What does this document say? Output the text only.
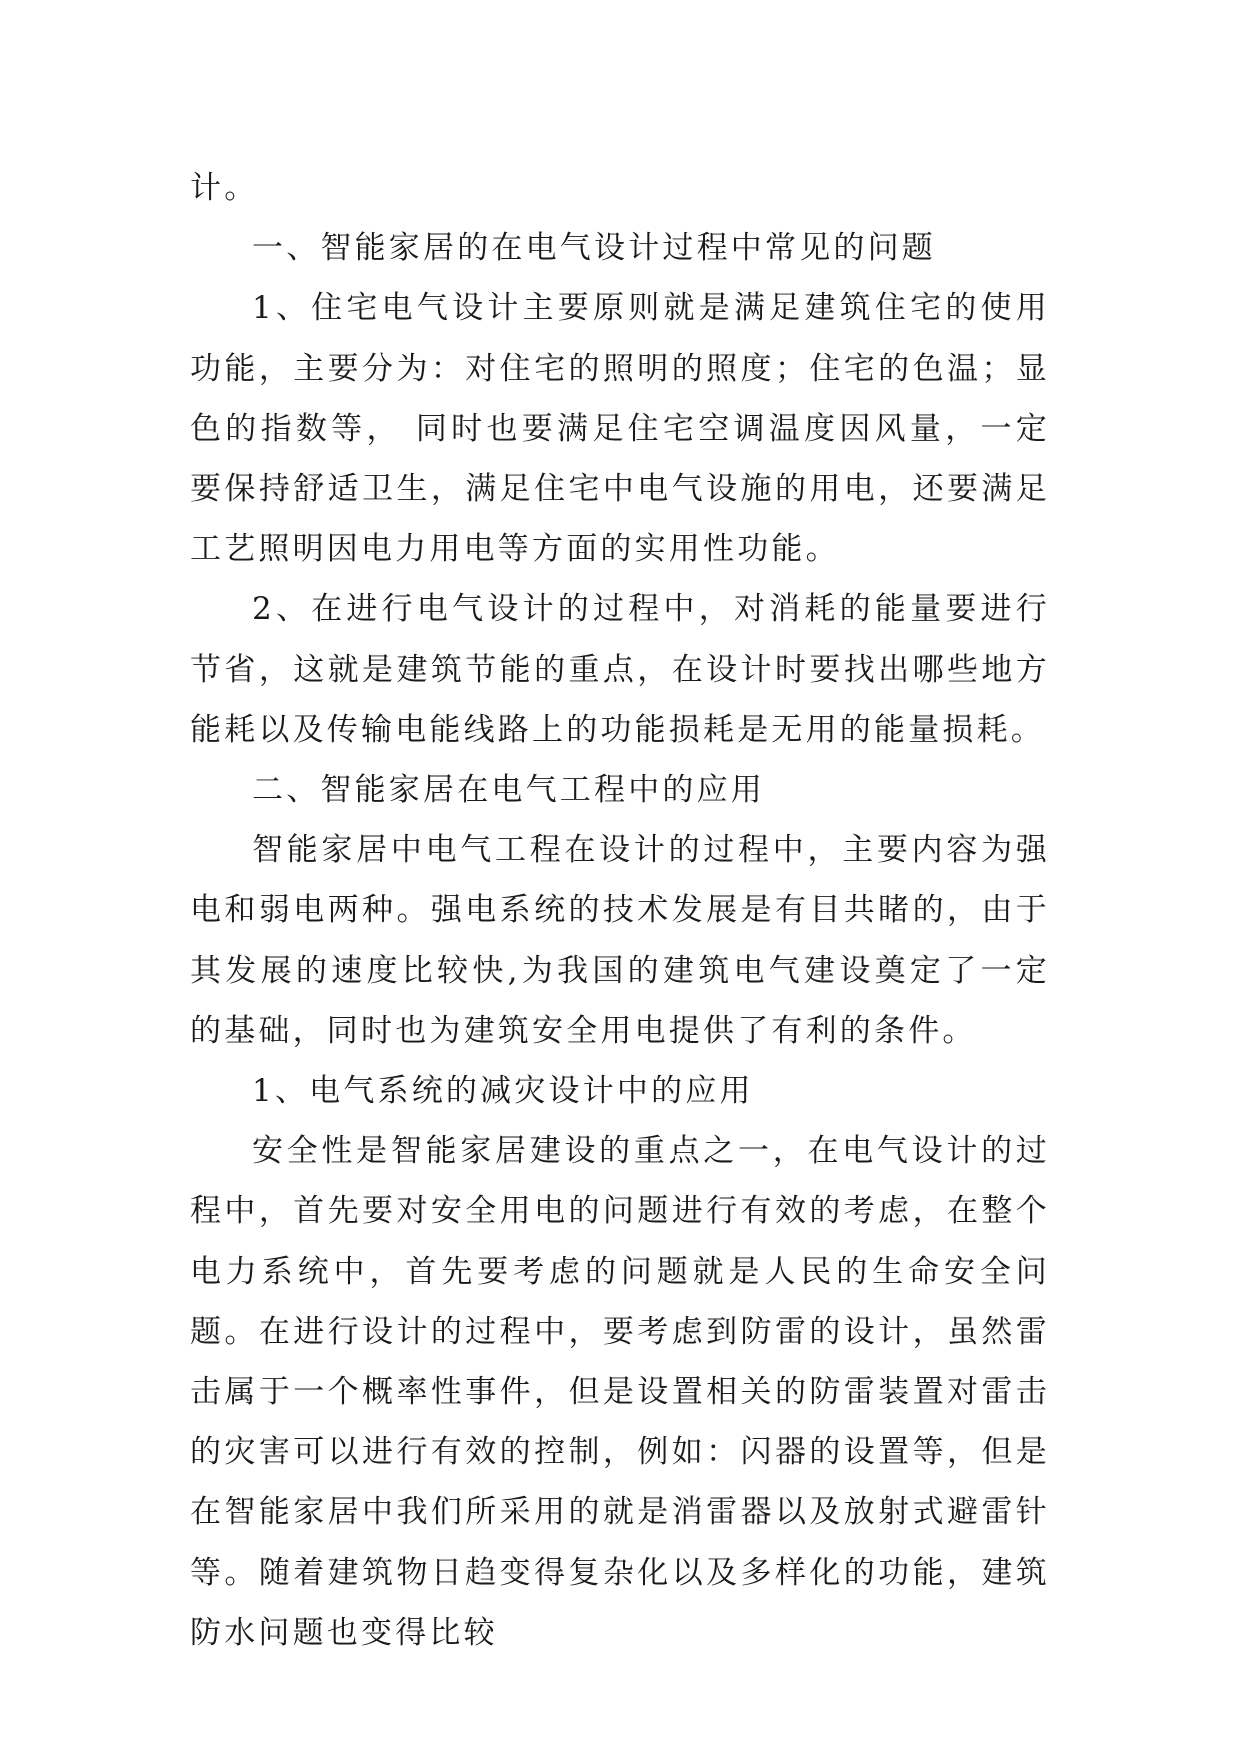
计。

一、智能家居的在电气设计过程中常见的问题

1、住宅电气设计主要原则就是满足建筑住宅的使用功能，主要分为：对住宅的照明的照度；住宅的色温；显色的指数等， 同时也要满足住宅空调温度因风量，一定要保持舒适卫生，满足住宅中电气设施的用电，还要满足工艺照明因电力用电等方面的实用性功能。

2、在进行电气设计的过程中，对消耗的能量要进行节省，这就是建筑节能的重点，在设计时要找出哪些地方能耗以及传输电能线路上的功能损耗是无用的能量损耗。

二、智能家居在电气工程中的应用

智能家居中电气工程在设计的过程中，主要内容为强电和弱电两种。强电系统的技术发展是有目共睹的，由于其发展的速度比较快,为我国的建筑电气建设奠定了一定的基础，同时也为建筑安全用电提供了有利的条件。

1、电气系统的减灾设计中的应用

安全性是智能家居建设的重点之一，在电气设计的过程中，首先要对安全用电的问题进行有效的考虑，在整个电力系统中，首先要考虑的问题就是人民的生命安全问题。在进行设计的过程中，要考虑到防雷的设计，虽然雷击属于一个概率性事件，但是设置相关的防雷装置对雷击的灾害可以进行有效的控制，例如：闪器的设置等，但是在智能家居中我们所采用的就是消雷器以及放射式避雷针等。随着建筑物日趋变得复杂化以及多样化的功能，建筑防水问题也变得比较
